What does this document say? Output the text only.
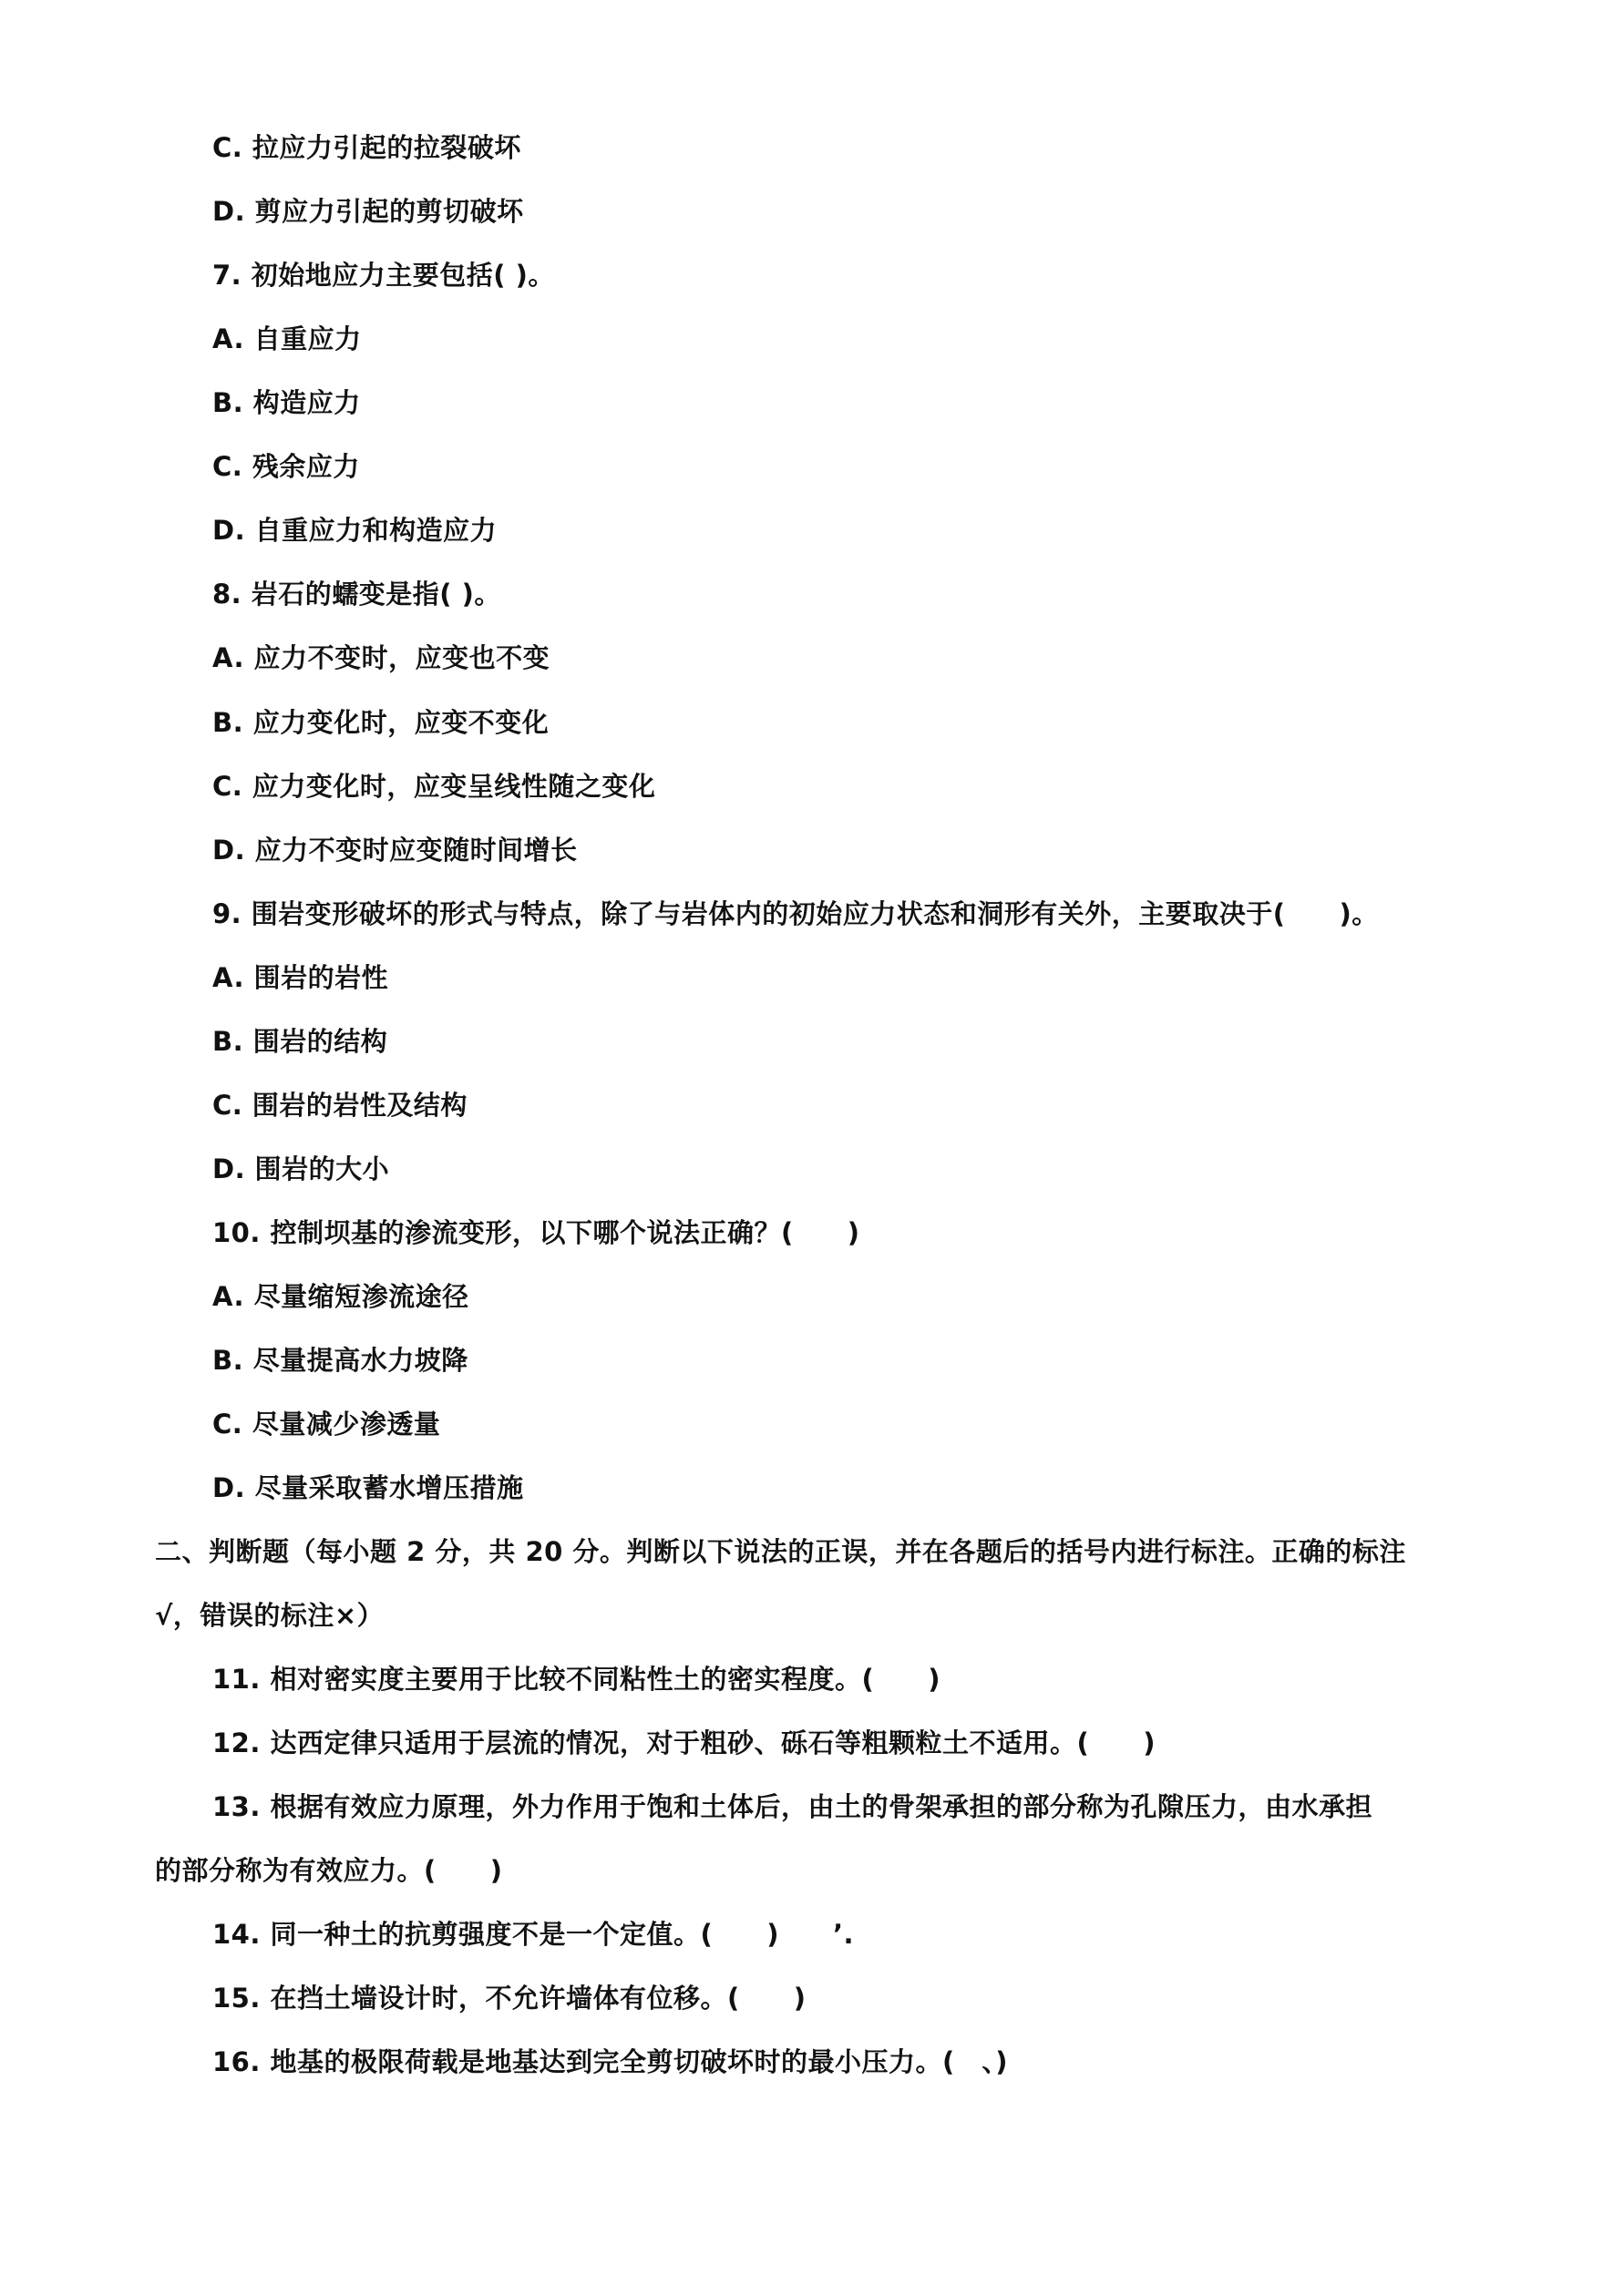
C. 拉应力引起的拉裂破坏
D. 剪应力引起的剪切破坏
7. 初始地应力主要包括( )。
A. 自重应力
B. 构造应力
C. 残余应力
D. 自重应力和构造应力
8. 岩石的蠕变是指( )。
A. 应力不变时，应变也不变
B. 应力变化时，应变不变化
C. 应力变化时，应变呈线性随之变化
D. 应力不变时应变随时间增长
9. 围岩变形破坏的形式与特点，除了与岩体内的初始应力状态和洞形有关外，主要取决于(　　)。
A. 围岩的岩性
B. 围岩的结构
C. 围岩的岩性及结构
D. 围岩的大小
10. 控制坝基的渗流变形，以下哪个说法正确？(　　)
A. 尽量缩短渗流途径
B. 尽量提高水力坡降
C. 尽量减少渗透量
D. 尽量采取蓄水增压措施
二、判断题（每小题 2 分，共 20 分。判断以下说法的正误，并在各题后的括号内进行标注。正确的标注
√，错误的标注×）
11. 相对密实度主要用于比较不同粘性土的密实程度。(　　)
12. 达西定律只适用于层流的情况，对于粗砂、砾石等粗颗粒土不适用。(　　)
13. 根据有效应力原理，外力作用于饱和土体后，由土的骨架承担的部分称为孔隙压力，由水承担
的部分称为有效应力。(　　)
14. 同一种土的抗剪强度不是一个定值。(　　)　　’.
15. 在挡土墙设计时，不允许墙体有位移。(　　)
16. 地基的极限荷载是地基达到完全剪切破坏时的最小压力。(　、)
